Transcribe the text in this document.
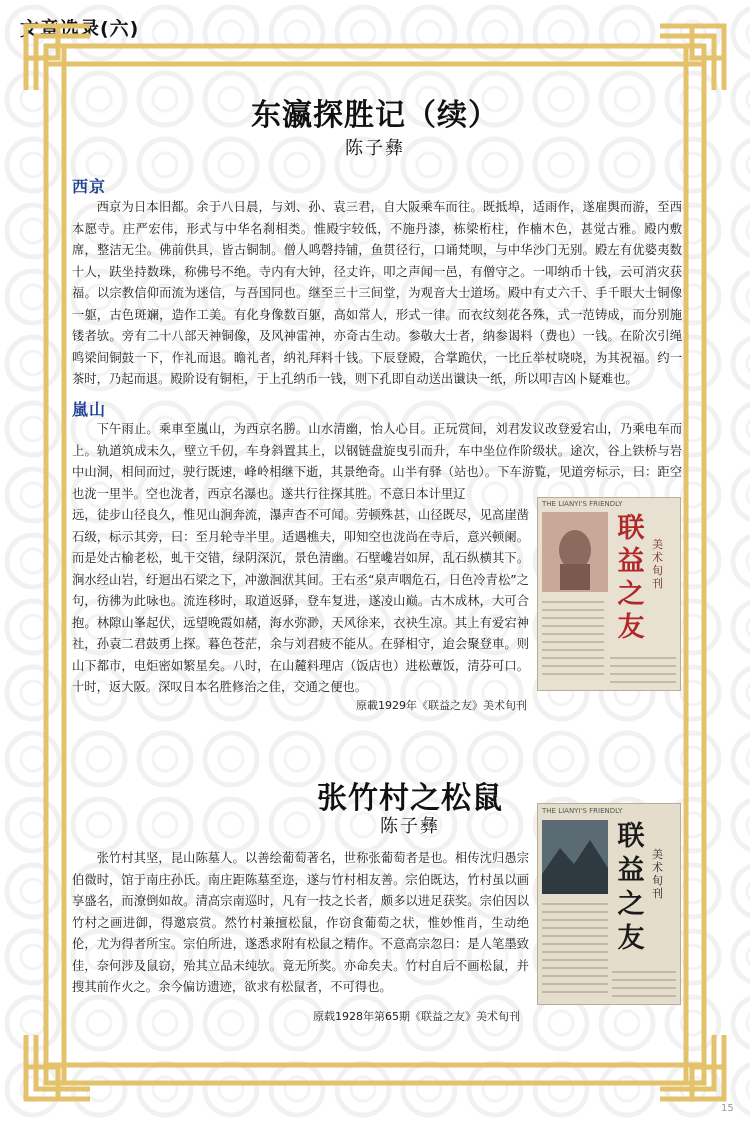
文章选录(六)
东瀛探胜记（续）
陈子彝
西京

西京为日本旧都。余于八日晨，与刘、孙、袁三君，自大阪乘车而往。既抵埠，适雨作，遂雇舆而游，至西本愿寺。庄严宏伟，形式与中华名刹相类。惟殿宇较低，不施丹漆，栋梁桁柱，作楠木色，甚觉古雅。殿内敷席，整洁无尘。佛前供具，皆古铜制。僧人鸣磬持铺，鱼贯径行，口诵梵呗，与中华沙门无别。殿左有优婆夷数十人，趺坐持数珠，称佛号不绝。寺内有大钟，径丈许，叩之声闻一邑，有僧守之。一叩纳币十钱，云可消灾获福。以宗教信仰而流为迷信，与吾国同也。继至三十三间堂，为观音大士道场。殿中有丈六千、手千眼大士铜像一躯，古色斑斓，造作工美。有化身像数百躯，高如常人，形式一律。而衣纹刻花各殊，式一范铸成，而分别施镂者欤。旁有二十八部天神铜像，及风神雷神，亦奇古生动。参敬大士者，纳参谒料（费也）一钱。在阶次引绳鸣梁间铜鼓一下，作礼而退。瞻礼者，纳礼拜料十钱。下辰登殿，合掌跪伏，一比丘举杖哓哓，为其祝福。约一茶时，乃起而退。殿阶设有铜柜，于上孔纳币一钱，则下孔即自动送出谶诀一纸，所以叩吉凶卜疑难也。

嵐山

下午雨止。乘車至嵐山，为西京名勝。山水清幽，怡人心目。正玩赏间，刘君发议改登爱宕山，乃乘电车而上。轨道筑成未久，壁立千仞，车身斜置其上，以钢链盘旋曳引而升，车中坐位作阶级状。途次，谷上铁桥与岩中山洞，相间而过，驶行既速，峰岭相继下逝，其景绝奇。山半有驿（站也）。下车游覧，见道旁标示，曰：距空也泷一里半。空也泷者，西京名瀑也。遂共行往探其胜。不意日本计里辽

远，徒步山径良久，惟见山涧奔流，瀑声杳不可闻。劳顿殊甚，山径既尽，见高崖凿石级，标示其旁，曰：至月轮寺半里。适遇樵夫，叩知空也泷尚在寺后，意兴顿阑。而是处古榆老松，虬干交错，绿阴深沉，景色清幽。石壁巉岩如屏，乱石纵横其下。涧水经山岩，纡迴出石梁之下，冲激洄洑其间。王右丞“泉声咽危石，日色冷青松”之句，彷彿为此咏也。流连移时，取道返驿，登车复进，遂凌山巅。古木成林，大可合抱。林隙山峯起伏，远望晚霞如赭，海水弥渺，天风徐来，衣袂生凉。其上有爱宕神社，孙袁二君鼓勇上探。暮色苍茫，余与刘君疲不能从。在驿相守，迨会聚登車。则山下都市，电炬密如繁星矣。八时，在山麓料理店（饭店也）进松蕈饭，清芬可口。十时，返大阪。深叹日本名胜修治之佳，交通之便也。

THE LIANYI'S FRIENDLY
联
益
之
友
美术旬刊
原載1929年《联益之友》美术旬刊
张竹村之松鼠
陈子彝

张竹村其坚，昆山陈墓人。以善绘葡萄著名，世称张葡萄者是也。相传沈归愚宗伯微时，馆于南庄孙氏。南庄距陈墓至迩，遂与竹村相友善。宗伯既达，竹村虽以画享盛名，而潦倒如故。清高宗南巡时，凡有一技之长者，颇多以进足获奖。宗伯因以竹村之画进御，得邀宸赏。然竹村兼擅松鼠，作窃食葡萄之状，惟妙惟肖，生动绝伦，尤为得者所宝。宗伯所进，遂悉求附有松鼠之精作。不意高宗忽曰：是人笔墨致佳，奈何涉及鼠窃，殆其立品未纯欤。竟无所奖。亦命矣夫。竹村自后不画松鼠，并搜其前作火之。余今偏访遗迹，欲求有松鼠者，不可得也。

THE LIANYI'S FRIENDLY
联
益
之
友
美术旬刊
原载1928年第65期《联益之友》美术旬刊
15
